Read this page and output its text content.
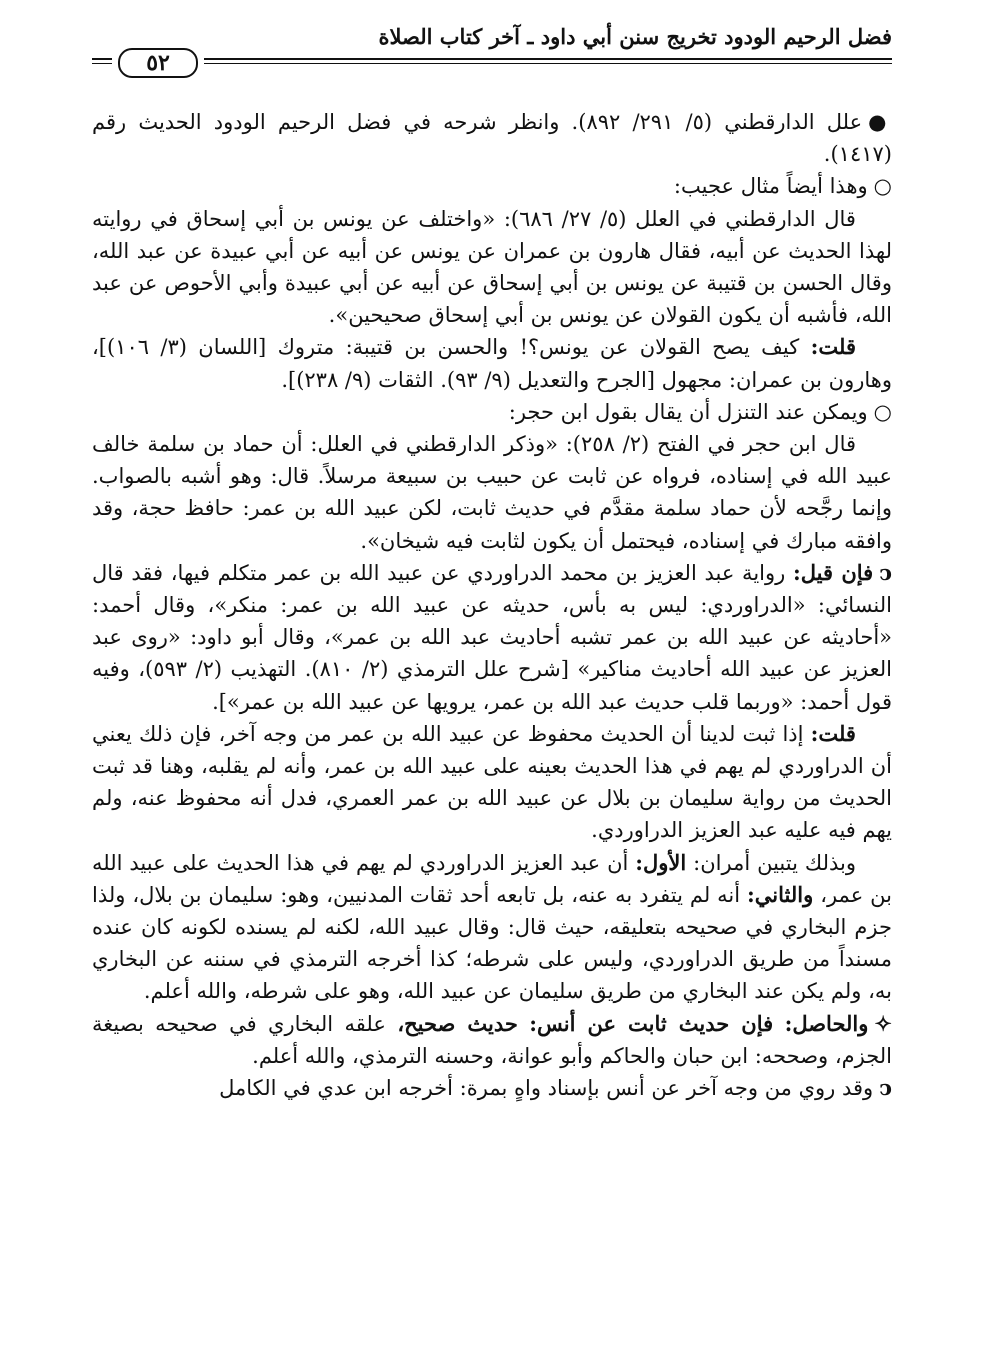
فضل الرحيم الودود تخريج سنن أبي داود ـ آخر كتاب الصلاة
٥٢

●علل الدارقطني (٥/ ٢٩١/ ٨٩٢). وانظر شرحه في فضل الرحيم الودود الحديث رقم (١٤١٧).

○وهذا أيضاً مثال عجيب:

قال الدارقطني في العلل (٥/ ٢٧/ ٦٨٦): «واختلف عن يونس بن أبي إسحاق في روايته لهذا الحديث عن أبيه، فقال هارون بن عمران عن يونس عن أبيه عن أبي عبيدة عن عبد الله، وقال الحسن بن قتيبة عن يونس بن أبي إسحاق عن أبيه عن أبي عبيدة وأبي الأحوص عن عبد الله، فأشبه أن يكون القولان عن يونس بن أبي إسحاق صحيحين».

قلت: كيف يصح القولان عن يونس؟! والحسن بن قتيبة: متروك [اللسان (٣/ ١٠٦)]، وهارون بن عمران: مجهول [الجرح والتعديل (٩/ ٩٣). الثقات (٩/ ٢٣٨)].

○ويمكن عند التنزل أن يقال بقول ابن حجر:

قال ابن حجر في الفتح (٢/ ٢٥٨): «وذكر الدارقطني في العلل: أن حماد بن سلمة خالف عبيد الله في إسناده، فرواه عن ثابت عن حبيب بن سبيعة مرسلاً. قال: وهو أشبه بالصواب. وإنما رجَّحه لأن حماد سلمة مقدَّم في حديث ثابت، لكن عبيد الله بن عمر: حافظ حجة، وقد وافقه مبارك في إسناده، فيحتمل أن يكون لثابت فيه شيخان».

ↄفإن قيل: رواية عبد العزيز بن محمد الدراوردي عن عبيد الله بن عمر متكلم فيها، فقد قال النسائي: «الدراوردي: ليس به بأس، حديثه عن عبيد الله بن عمر: منكر»، وقال أحمد: «أحاديثه عن عبيد الله بن عمر تشبه أحاديث عبد الله بن عمر»، وقال أبو داود: «روى عبد العزيز عن عبيد الله أحاديث مناكير» [شرح علل الترمذي (٢/ ٨١٠). التهذيب (٢/ ٥٩٣)، وفيه قول أحمد: «وربما قلب حديث عبد الله بن عمر، يرويها عن عبيد الله بن عمر»].

قلت: إذا ثبت لدينا أن الحديث محفوظ عن عبيد الله بن عمر من وجه آخر، فإن ذلك يعني أن الدراوردي لم يهم في هذا الحديث بعينه على عبيد الله بن عمر، وأنه لم يقلبه، وهنا قد ثبت الحديث من رواية سليمان بن بلال عن عبيد الله بن عمر العمري، فدل أنه محفوظ عنه، ولم يهم فيه عليه عبد العزيز الدراوردي.

وبذلك يتبين أمران: الأول: أن عبد العزيز الدراوردي لم يهم في هذا الحديث على عبيد الله بن عمر، والثاني: أنه لم يتفرد به عنه، بل تابعه أحد ثقات المدنيين، وهو: سليمان بن بلال، ولذا جزم البخاري في صحيحه بتعليقه، حيث قال: وقال عبيد الله، لكنه لم يسنده لكونه كان عنده مسنداً من طريق الدراوردي، وليس على شرطه؛ كذا أخرجه الترمذي في سننه عن البخاري به، ولم يكن عند البخاري من طريق سليمان عن عبيد الله، وهو على شرطه، والله أعلم.

✧والحاصل: فإن حديث ثابت عن أنس: حديث صحيح، علقه البخاري في صحيحه بصيغة الجزم، وصححه: ابن حبان والحاكم وأبو عوانة، وحسنه الترمذي، والله أعلم.

ↄوقد روي من وجه آخر عن أنس بإسناد واهٍ بمرة: أخرجه ابن عدي في الكامل
